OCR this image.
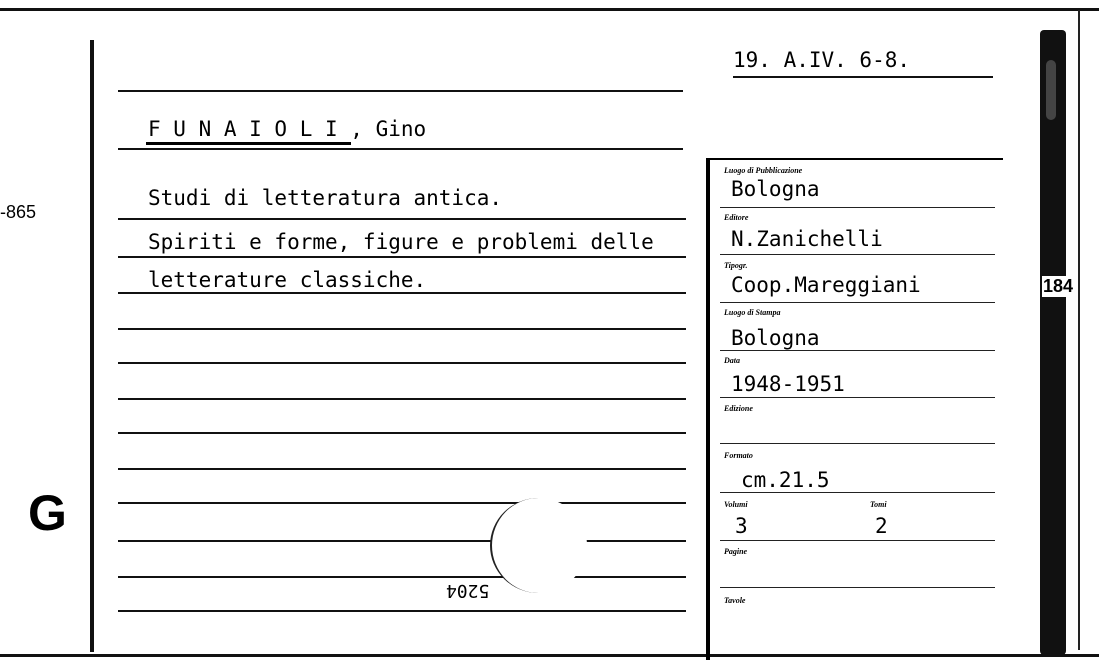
-865
G
19. A.IV. 6-8.
F U N A I O L I , Gino
Studi di letteratura antica.
Spiriti e forme, figure e problemi delle
letterature classiche.
5204
Luogo di Pubblicazione
Bologna
Editore
N.Zanichelli
Tipogr.
Coop.Mareggiani
Luogo di Stampa
Bologna
Data
1948-1951
Edizione
Formato
cm.21.5
Volumi
3
Tomi
2
Pagine
Tavole
184
